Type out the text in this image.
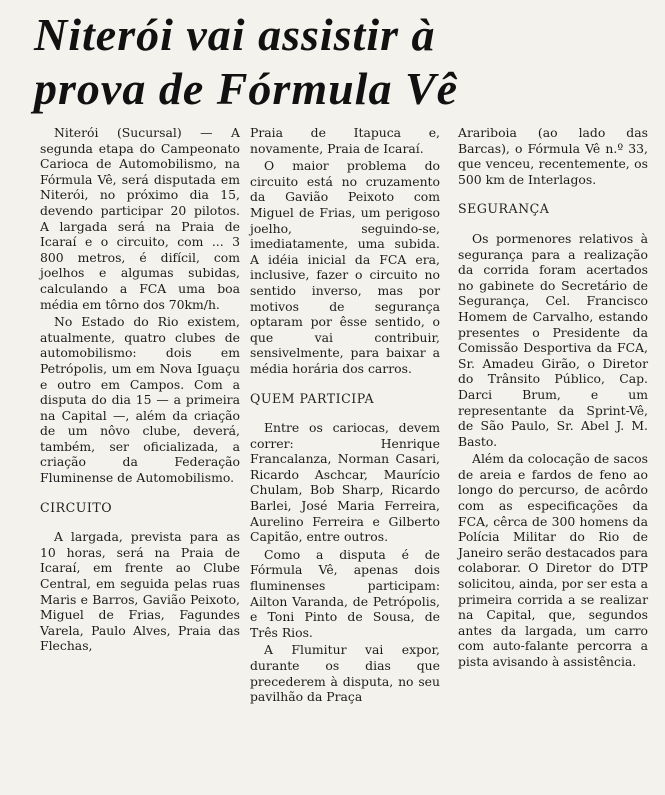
Niterói vai assistir à
prova de Fórmula Vê

Niterói (Sucursal) — A segunda etapa do Campeonato Carioca de Automobilismo, na Fórmula Vê, será disputada em Niterói, no próximo dia 15, devendo participar 20 pilotos. A largada será na Praia de Icaraí e o circuito, com ... 3 800 metros, é difícil, com joelhos e algumas subidas, calculando a FCA uma boa média em tôrno dos 70km/h.

No Estado do Rio existem, atualmente, quatro clubes de automobilismo: dois em Petrópolis, um em Nova Iguaçu e outro em Campos. Com a disputa do dia 15 — a primeira na Capital —, além da criação de um nôvo clube, deverá, também, ser oficializada, a criação da Federação Fluminense de Automobilismo.

CIRCUITO

A largada, prevista para as 10 horas, será na Praia de Icaraí, em frente ao Clube Central, em seguida pelas ruas Maris e Barros, Gavião Peixoto, Miguel de Frias, Fagundes Varela, Paulo Alves, Praia das Flechas,

Praia de Itapuca e, novamente, Praia de Icaraí.

O maior problema do circuito está no cruzamento da Gavião Peixoto com Miguel de Frias, um perigoso joelho, seguindo-se, imediatamente, uma subida. A idéia inicial da FCA era, inclusive, fazer o circuito no sentido inverso, mas por motivos de segurança optaram por êsse sentido, o que vai contribuir, sensivelmente, para baixar a média horária dos carros.

QUEM PARTICIPA

Entre os cariocas, devem correr: Henrique Francalanza, Norman Casari, Ricardo Aschcar, Maurício Chulam, Bob Sharp, Ricardo Barlei, José Maria Ferreira, Aurelino Ferreira e Gilberto Capitão, entre outros.

Como a disputa é de Fórmula Vê, apenas dois fluminenses participam: Ailton Varanda, de Petrópolis, e Toni Pinto de Sousa, de Três Rios.

A Flumitur vai expor, durante os dias que precederem à disputa, no seu pavilhão da Praça

Arariboia (ao lado das Barcas), o Fórmula Vê n.º 33, que venceu, recentemente, os 500 km de Interlagos.

SEGURANÇA

Os pormenores relativos à segurança para a realização da corrida foram acertados no gabinete do Secretário de Segurança, Cel. Francisco Homem de Carvalho, estando presentes o Presidente da Comissão Desportiva da FCA, Sr. Amadeu Girão, o Diretor do Trânsito Público, Cap. Darci Brum, e um representante da Sprint-Vê, de São Paulo, Sr. Abel J. M. Basto.

Além da colocação de sacos de areia e fardos de feno ao longo do percurso, de acôrdo com as especificações da FCA, cêrca de 300 homens da Polícia Militar do Rio de Janeiro serão destacados para colaborar. O Diretor do DTP solicitou, ainda, por ser esta a primeira corrida a se realizar na Capital, que, segundos antes da largada, um carro com auto-falante percorra a pista avisando à assistência.
